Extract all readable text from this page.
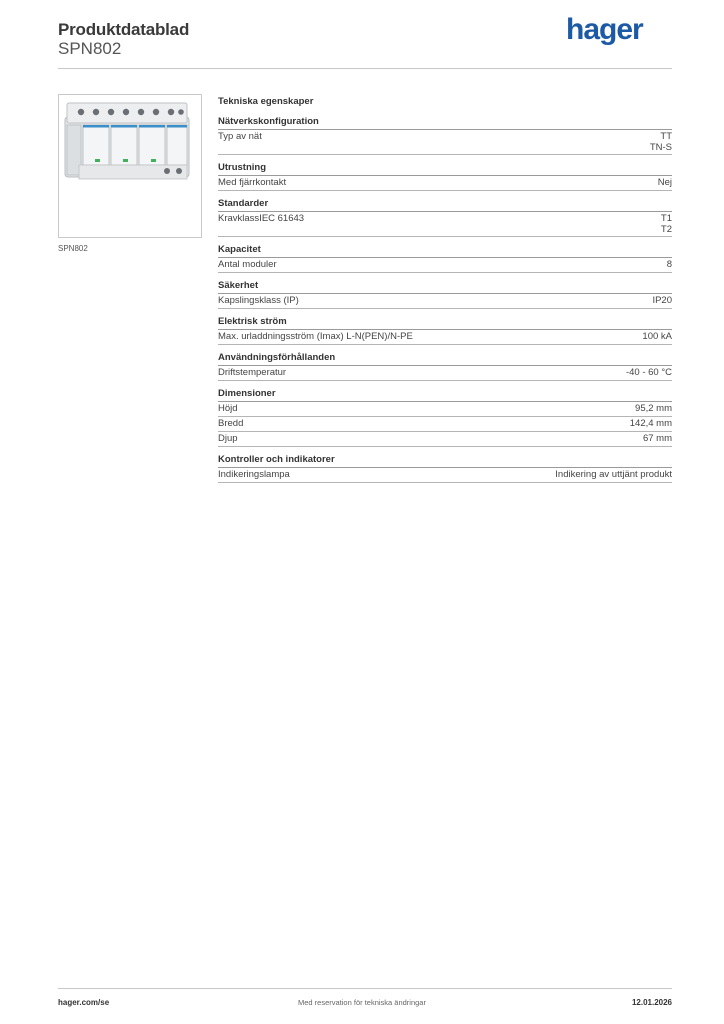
Produktdatablad
SPN802
hager
SPN802
Tekniska egenskaper
Nätverkskonfiguration
Typ av nät	TT
TN-S
Utrustning
Med fjärrkontakt	Nej
Standarder
KravklassIEC 61643	T1
T2
Kapacitet
Antal moduler	8
Säkerhet
Kapslingsklass (IP)	IP20
Elektrisk ström
Max. urladdningsström (Imax) L-N(PEN)/N-PE	100 kA
Användningsförhållanden
Driftstemperatur	-40 - 60 °C
Dimensioner
Höjd	95,2 mm
Bredd	142,4 mm
Djup	67 mm
Kontroller och indikatorer
Indikeringslampa	Indikering av uttjänt produkt
hager.com/se	Med reservation för tekniska ändringar	12.01.2026
